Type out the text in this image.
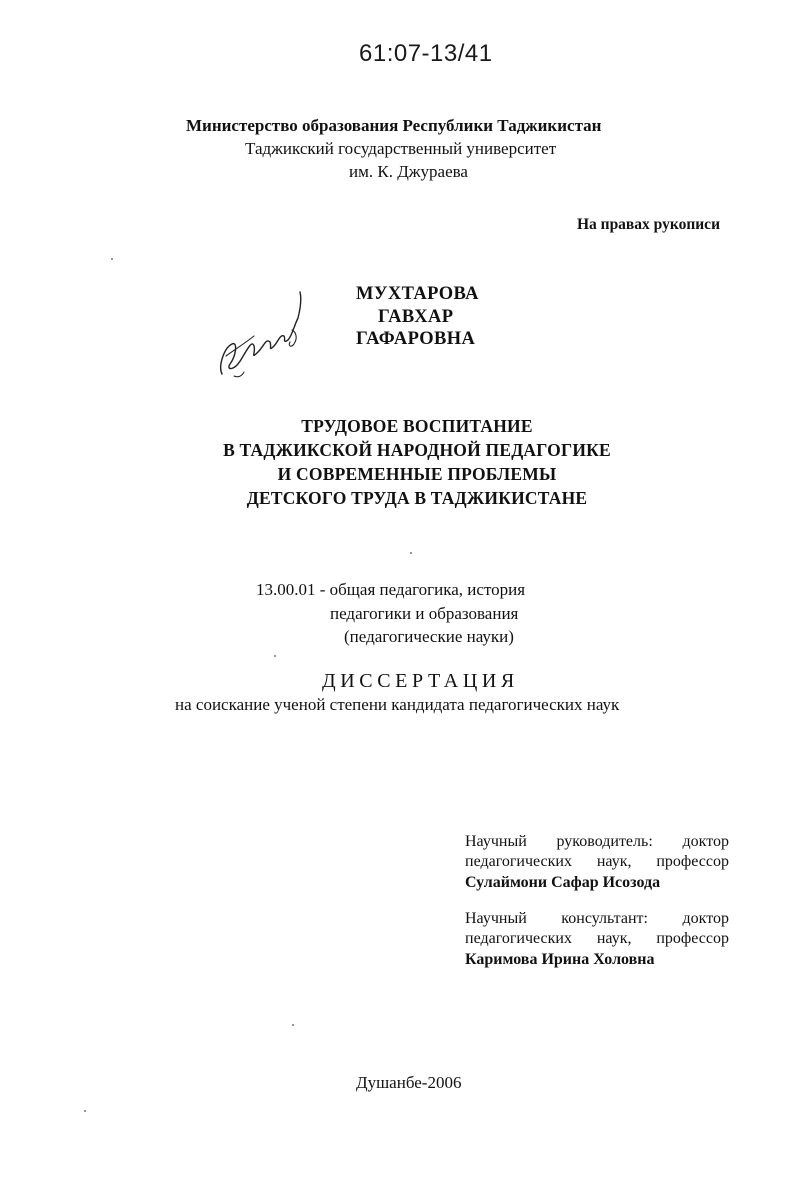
61:07-13/41
Министерство образования Республики Таджикистан
Таджикский государственный университет
им. К. Джураева
На правах рукописи
МУХТАРОВА
ГАВХАР
ГАФАРОВНА
ТРУДОВОЕ ВОСПИТАНИЕ
В ТАДЖИКСКОЙ НАРОДНОЙ ПЕДАГОГИКЕ
И СОВРЕМЕННЫЕ ПРОБЛЕМЫ
ДЕТСКОГО ТРУДА В ТАДЖИКИСТАНЕ
13.00.01 - общая педагогика, история
педагогики и образования
(педагогические науки)
ДИССЕРТАЦИЯ
на соискание ученой степени кандидата педагогических наук
Научный руководитель: доктор
педагогических наук, профессор
Сулаймони Сафар Исозода
Научный консультант: доктор
педагогических наук, профессор
Каримова Ирина Холовна
Душанбе-2006
